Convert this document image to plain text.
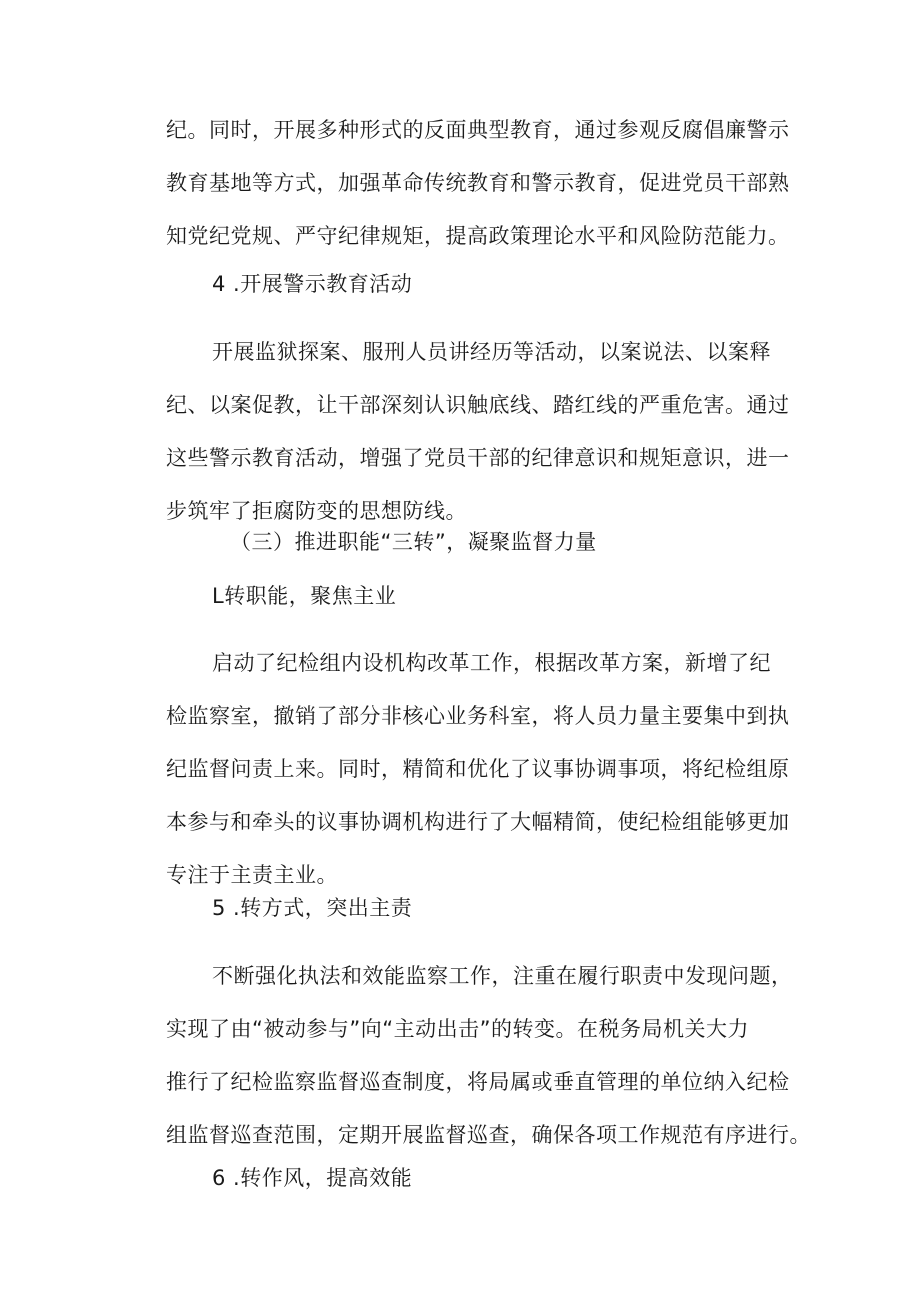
纪。同时，开展多种形式的反面典型教育，通过参观反腐倡廉警示
教育基地等方式，加强革命传统教育和警示教育，促进党员干部熟
知党纪党规、严守纪律规矩，提高政策理论水平和风险防范能力。
4 .开展警示教育活动
开展监狱探案、服刑人员讲经历等活动，以案说法、以案释
纪、以案促教，让干部深刻认识触底线、踏红线的严重危害。通过
这些警示教育活动，增强了党员干部的纪律意识和规矩意识，进一
步筑牢了拒腐防变的思想防线。
（三）推进职能“三转”，凝聚监督力量
L转职能，聚焦主业
启动了纪检组内设机构改革工作，根据改革方案，新增了纪
检监察室，撤销了部分非核心业务科室，将人员力量主要集中到执
纪监督问责上来。同时，精简和优化了议事协调事项，将纪检组原
本参与和牵头的议事协调机构进行了大幅精简，使纪检组能够更加
专注于主责主业。
5 .转方式，突出主责
不断强化执法和效能监察工作，注重在履行职责中发现问题，
实现了由“被动参与”向“主动出击”的转变。在税务局机关大力
推行了纪检监察监督巡查制度，将局属或垂直管理的单位纳入纪检
组监督巡查范围，定期开展监督巡查，确保各项工作规范有序进行。
6 .转作风，提高效能
